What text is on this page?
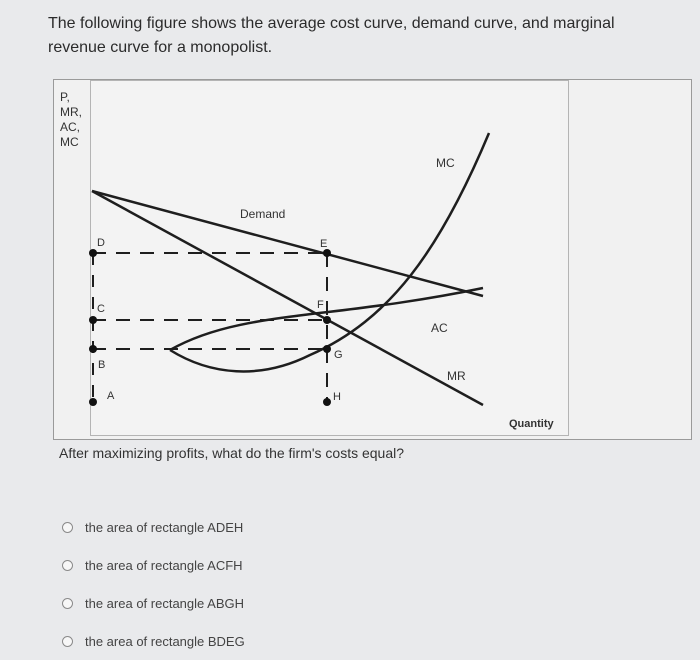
The following figure shows the average cost curve, demand curve, and marginal revenue curve for a monopolist.
P,
MR,
AC,
MC
MC
Demand
AC
MR
D
C
B
A
E
F
G
H
Quantity
After maximizing profits, what do the firm's costs equal?
the area of rectangle ADEH
the area of rectangle ACFH
the area of rectangle ABGH
the area of rectangle BDEG
